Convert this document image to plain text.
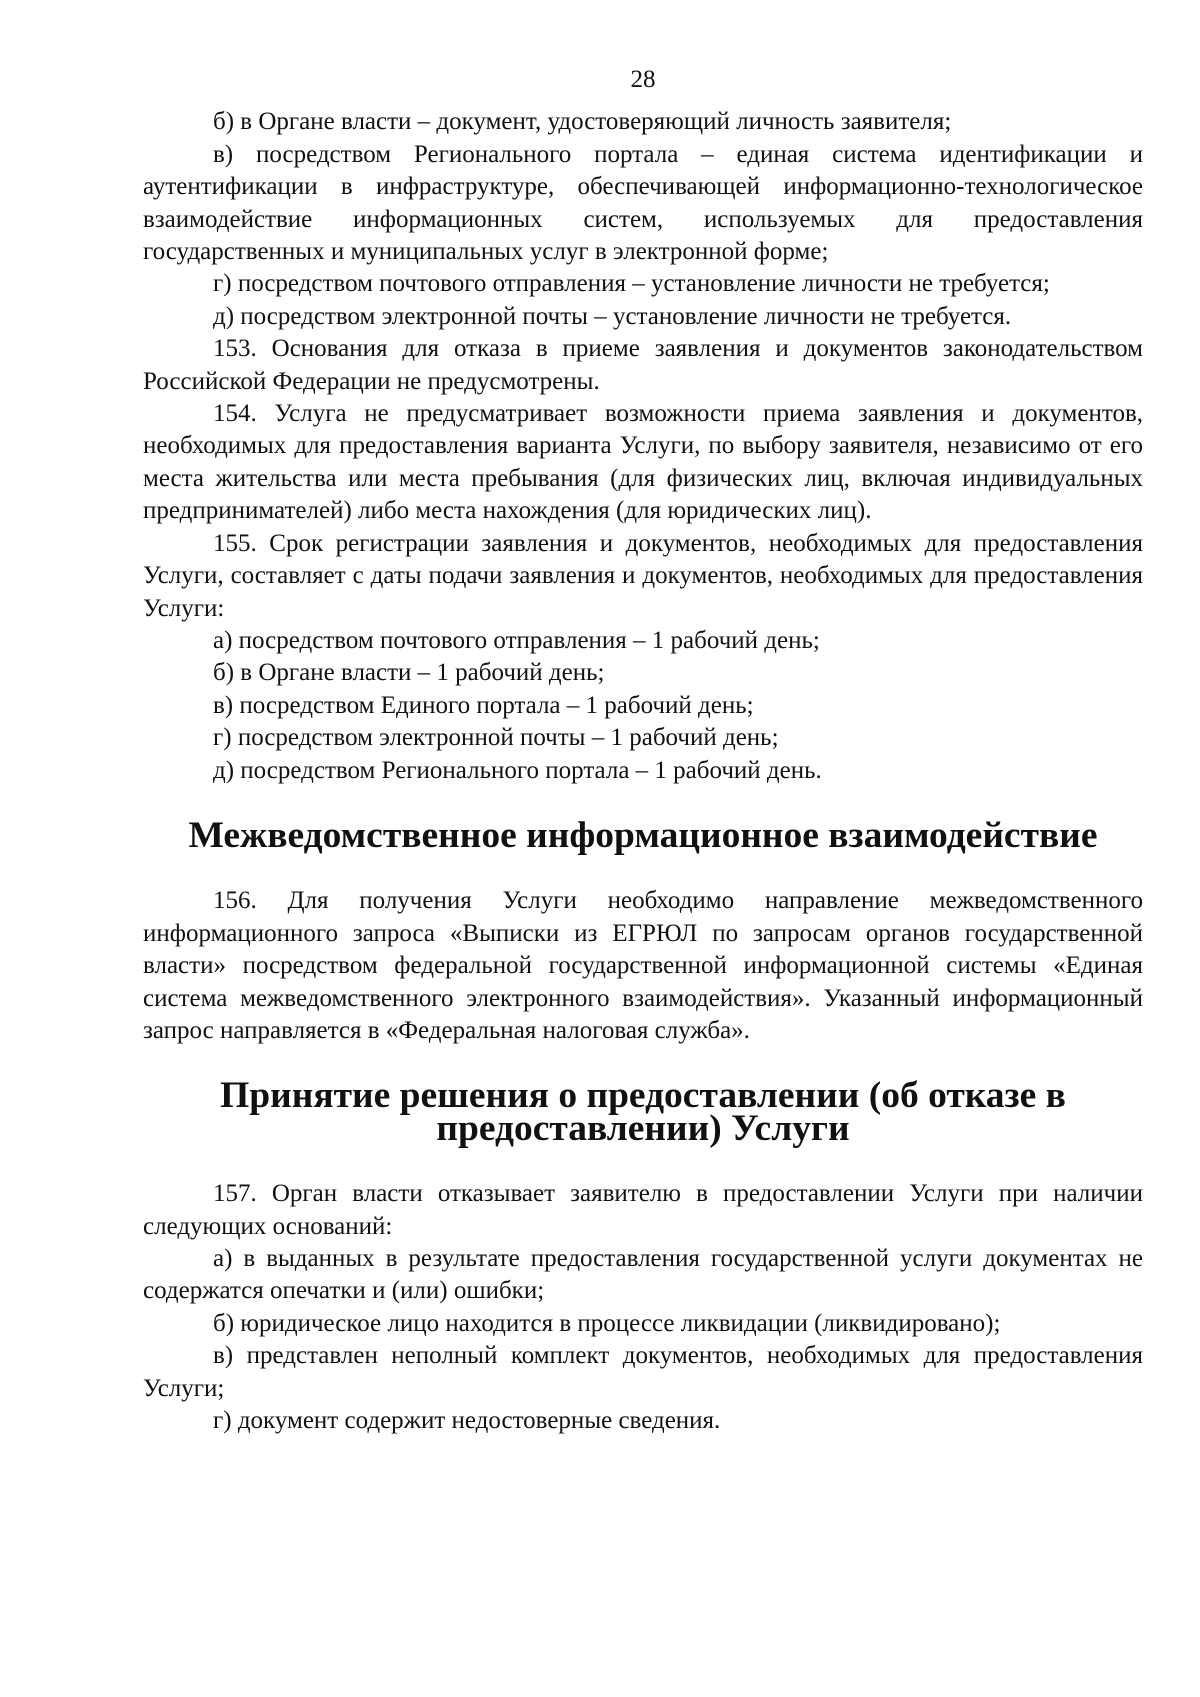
28

б) в Органе власти – документ, удостоверяющий личность заявителя;

в) посредством Регионального портала – единая система идентификации и аутентификации в инфраструктуре, обеспечивающей информационно-технологическое взаимодействие информационных систем, используемых для предоставления государственных и муниципальных услуг в электронной форме;

г) посредством почтового отправления – установление личности не требуется;

д) посредством электронной почты – установление личности не требуется.

153. Основания для отказа в приеме заявления и документов законодательством Российской Федерации не предусмотрены.

154. Услуга не предусматривает возможности приема заявления и документов, необходимых для предоставления варианта Услуги, по выбору заявителя, независимо от его места жительства или места пребывания (для физических лиц, включая индивидуальных предпринимателей) либо места нахождения (для юридических лиц).

155. Срок регистрации заявления и документов, необходимых для предоставления Услуги, составляет с даты подачи заявления и документов, необходимых для предоставления Услуги:

а) посредством почтового отправления – 1 рабочий день;

б) в Органе власти – 1 рабочий день;

в) посредством Единого портала – 1 рабочий день;

г) посредством электронной почты – 1 рабочий день;

д) посредством Регионального портала – 1 рабочий день.

Межведомственное информационное взаимодействие

156. Для получения Услуги необходимо направление межведомственного информационного запроса «Выписки из ЕГРЮЛ по запросам органов государственной власти» посредством федеральной государственной информационной системы «Единая система межведомственного электронного взаимодействия». Указанный информационный запрос направляется в «Федеральная налоговая служба».

Принятие решения о предоставлении (об отказе в предоставлении) Услуги

157. Орган власти отказывает заявителю в предоставлении Услуги при наличии следующих оснований:

а) в выданных в результате предоставления государственной услуги документах не содержатся опечатки и (или) ошибки;

б) юридическое лицо находится в процессе ликвидации (ликвидировано);

в) представлен неполный комплект документов, необходимых для предоставления Услуги;

г) документ содержит недостоверные сведения.
